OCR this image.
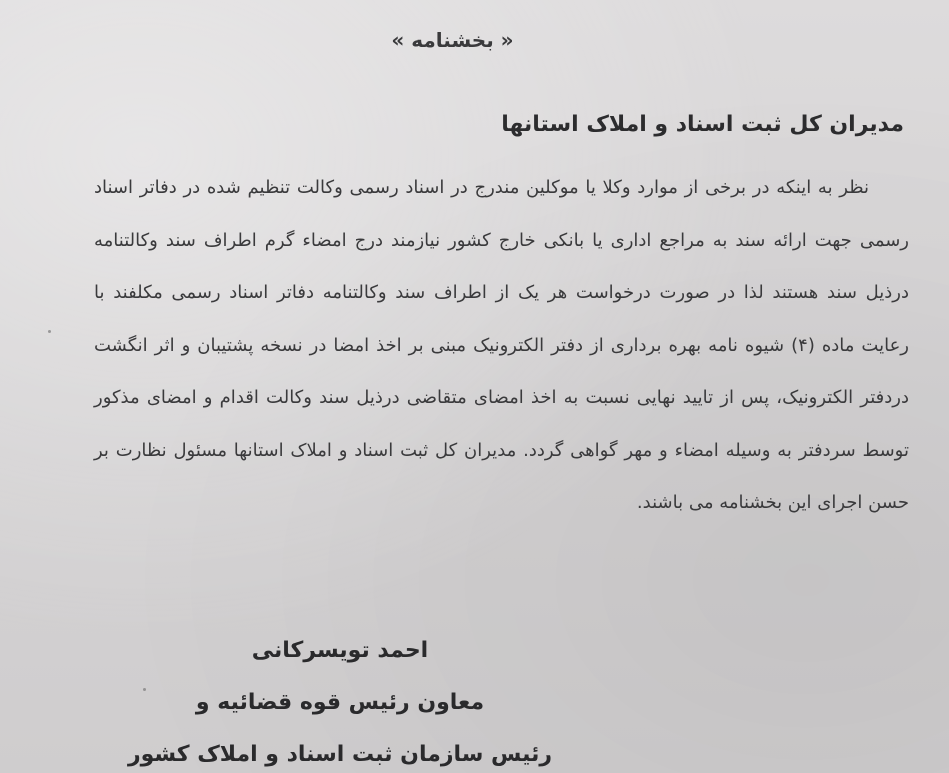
« بخشنامه »
مدیران کل ثبت اسناد و املاک استانها

نظر به اینکه در برخی از موارد وکلا یا موکلین مندرج در اسناد رسمی وکالت تنظیم شده در دفاتر اسناد رسمی جهت ارائه سند به مراجع اداری یا بانکی خارج کشور نیازمند درج امضاء گرم اطراف سند وکالتنامه درذیل سند هستند لذا در صورت درخواست هر یک از اطراف سند وکالتنامه دفاتر اسناد رسمی مکلفند با رعایت ماده (۴) شیوه نامه بهره برداری از دفتر الکترونیک مبنی بر اخذ امضا در نسخه پشتیبان و اثر انگشت دردفتر الکترونیک، پس از تایید نهایی نسبت به اخذ امضای متقاضی درذیل سند وکالت اقدام و امضای مذکور توسط سردفتر به وسیله امضاء و مهر گواهی گردد. مدیران کل ثبت اسناد و املاک استانها مسئول نظارت بر حسن اجرای این بخشنامه می باشند.

احمد تویسرکانی
معاون رئیس قوه قضائیه و
رئیس سازمان ثبت اسناد و املاک کشور
